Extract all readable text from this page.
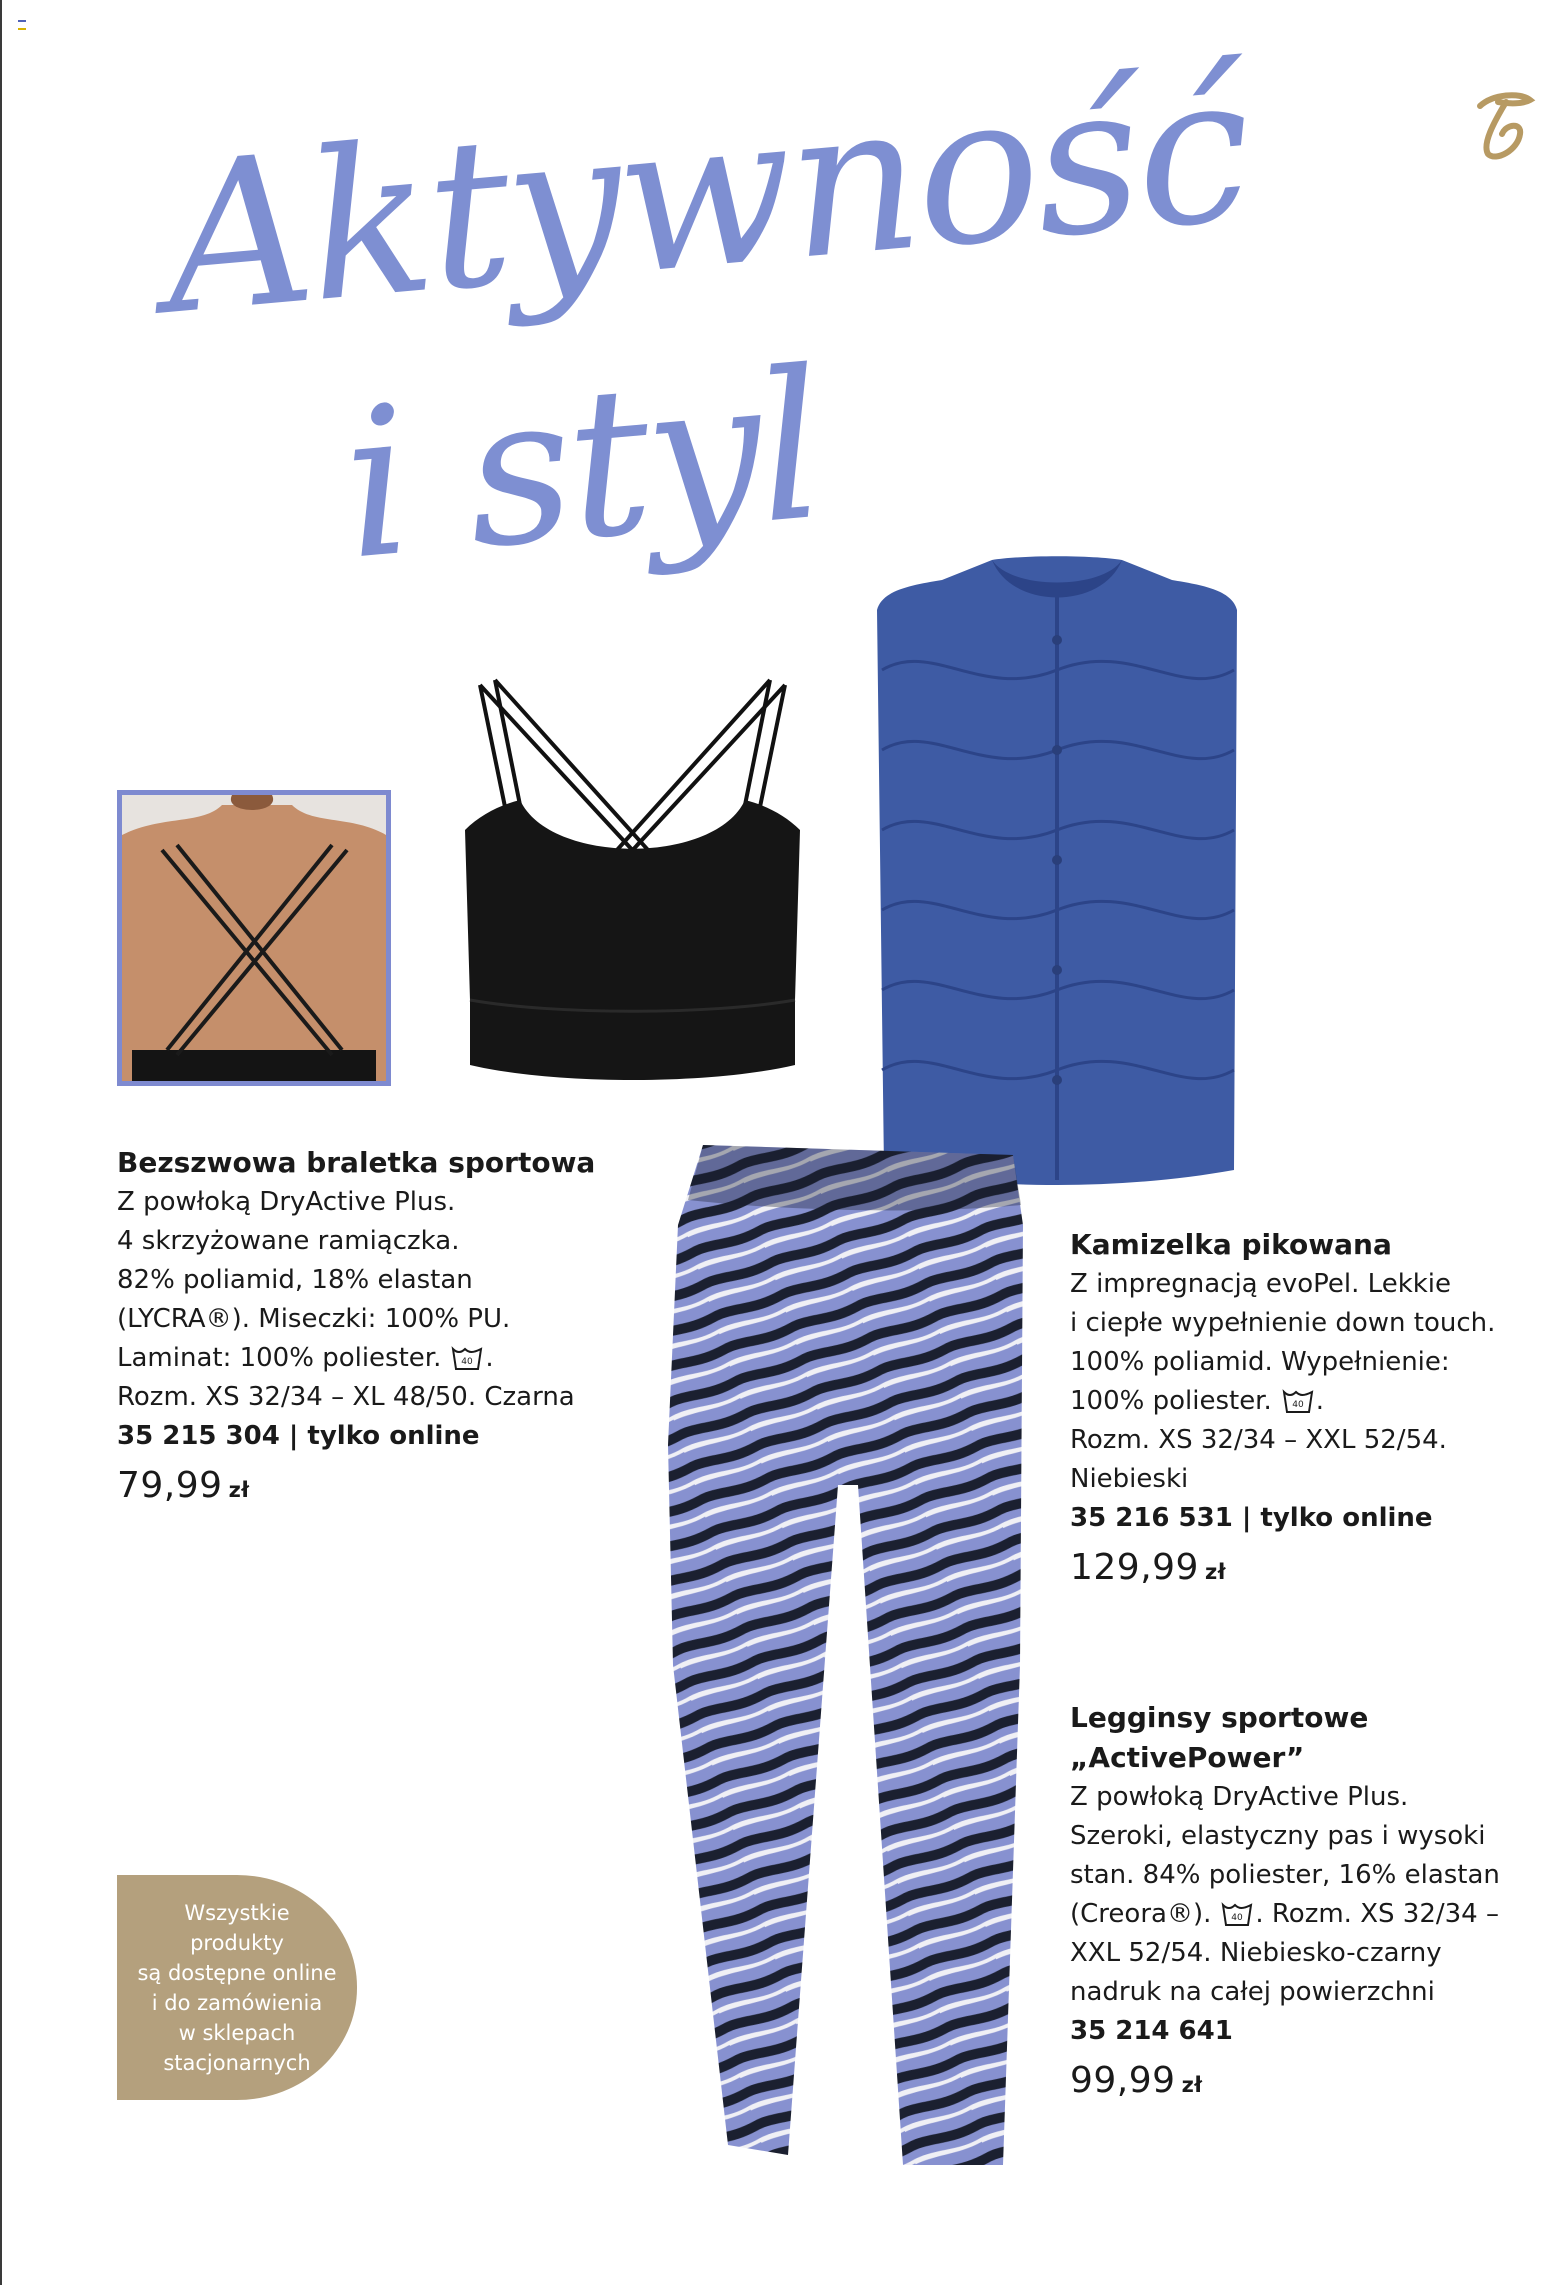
Aktywność
i styl
Bezszwowa braletka sportowa
Z powłoką DryActive Plus.
4 skrzyżowane ramiączka.
82% poliamid, 18% elastan
(LYCRA®). Miseczki: 100% PU.
Laminat: 100% poliester. 40 .
Rozm. XS 32/34 – XL 48/50. Czarna
35 215 304 | tylko online
79,99 zł
Kamizelka pikowana
Z impregnacją evoPel. Lekkie
i ciepłe wypełnienie down touch.
100% poliamid. Wypełnienie:
100% poliester. 40 .
Rozm. XS 32/34 – XXL 52/54.
Niebieski
35 216 531 | tylko online
129,99 zł
Legginsy sportowe
„ActivePower”
Z powłoką DryActive Plus.
Szeroki, elastyczny pas i wysoki
stan. 84% poliester, 16% elastan
(Creora®). 40 . Rozm. XS 32/34 –
XXL 52/54. Niebiesko-czarny
nadruk na całej powierzchni
35 214 641
99,99 zł
Wszystkie
produkty
są dostępne online
i do zamówienia
w sklepach
stacjonarnych
